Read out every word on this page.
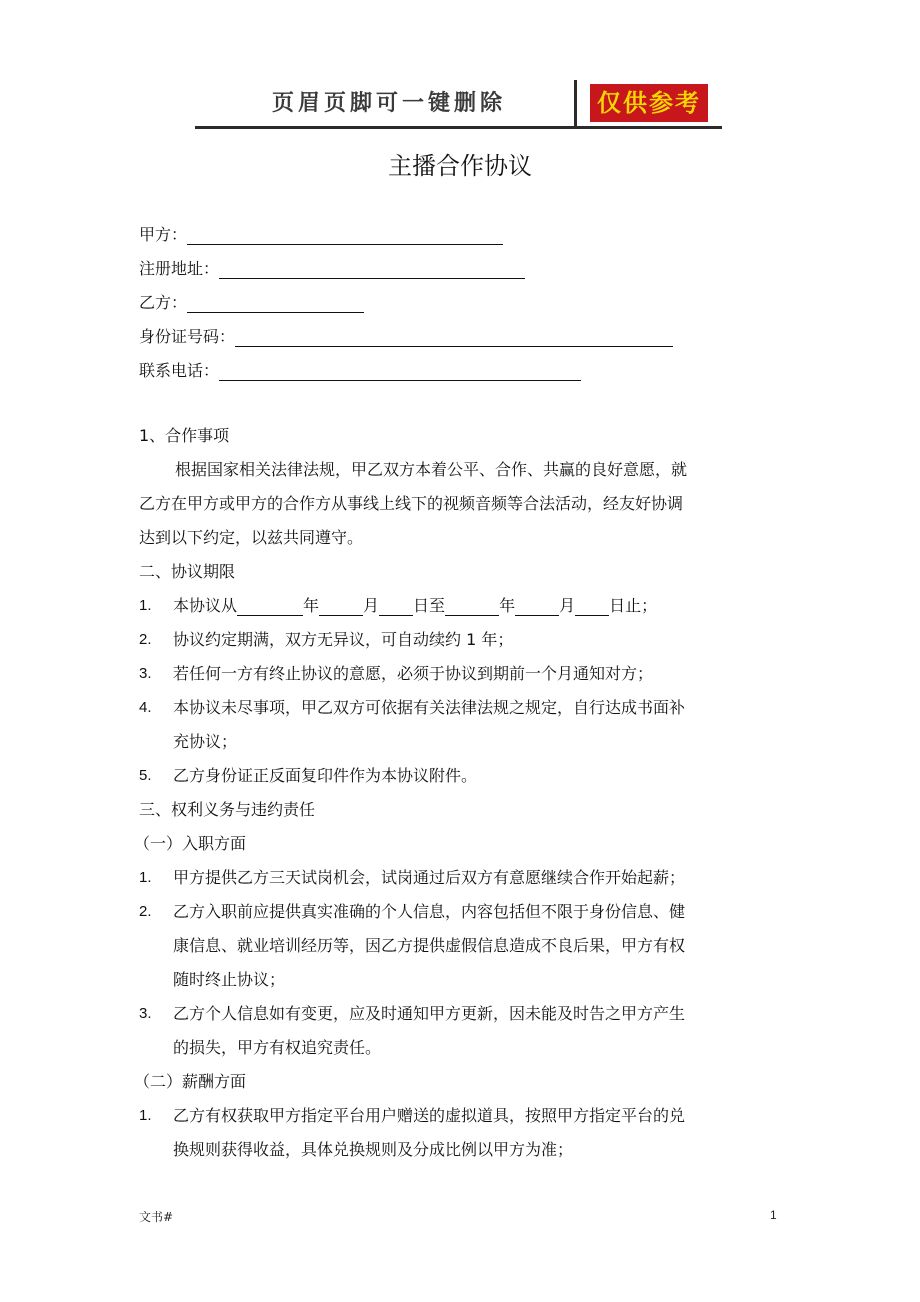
页眉页脚可一键删除	仅供参考
主播合作协议
甲方：
注册地址：
乙方：
身份证号码：
联系电话：
1、合作事项
根据国家相关法律法规，甲乙双方本着公平、合作、共赢的良好意愿，就
乙方在甲方或甲方的合作方从事线上线下的视频音频等合法活动，经友好协调
达到以下约定，以兹共同遵守。
二、协议期限
1. 本协议从	年	月 日至	年	月 日止；
2. 协议约定期满，双方无异议，可自动续约 1 年；
3. 若任何一方有终止协议的意愿，必须于协议到期前一个月通知对方；
4. 本协议未尽事项，甲乙双方可依据有关法律法规之规定，自行达成书面补
充协议；
5. 乙方身份证正反面复印件作为本协议附件。
三、权利义务与违约责任
（一）入职方面
1. 甲方提供乙方三天试岗机会，试岗通过后双方有意愿继续合作开始起薪；
2. 乙方入职前应提供真实准确的个人信息，内容包括但不限于身份信息、健
康信息、就业培训经历等，因乙方提供虚假信息造成不良后果，甲方有权
随时终止协议；
3. 乙方个人信息如有变更，应及时通知甲方更新，因未能及时告之甲方产生
的损失，甲方有权追究责任。
（二）薪酬方面
1. 乙方有权获取甲方指定平台用户赠送的虚拟道具，按照甲方指定平台的兑
换规则获得收益，具体兑换规则及分成比例以甲方为准；
文书#	1
